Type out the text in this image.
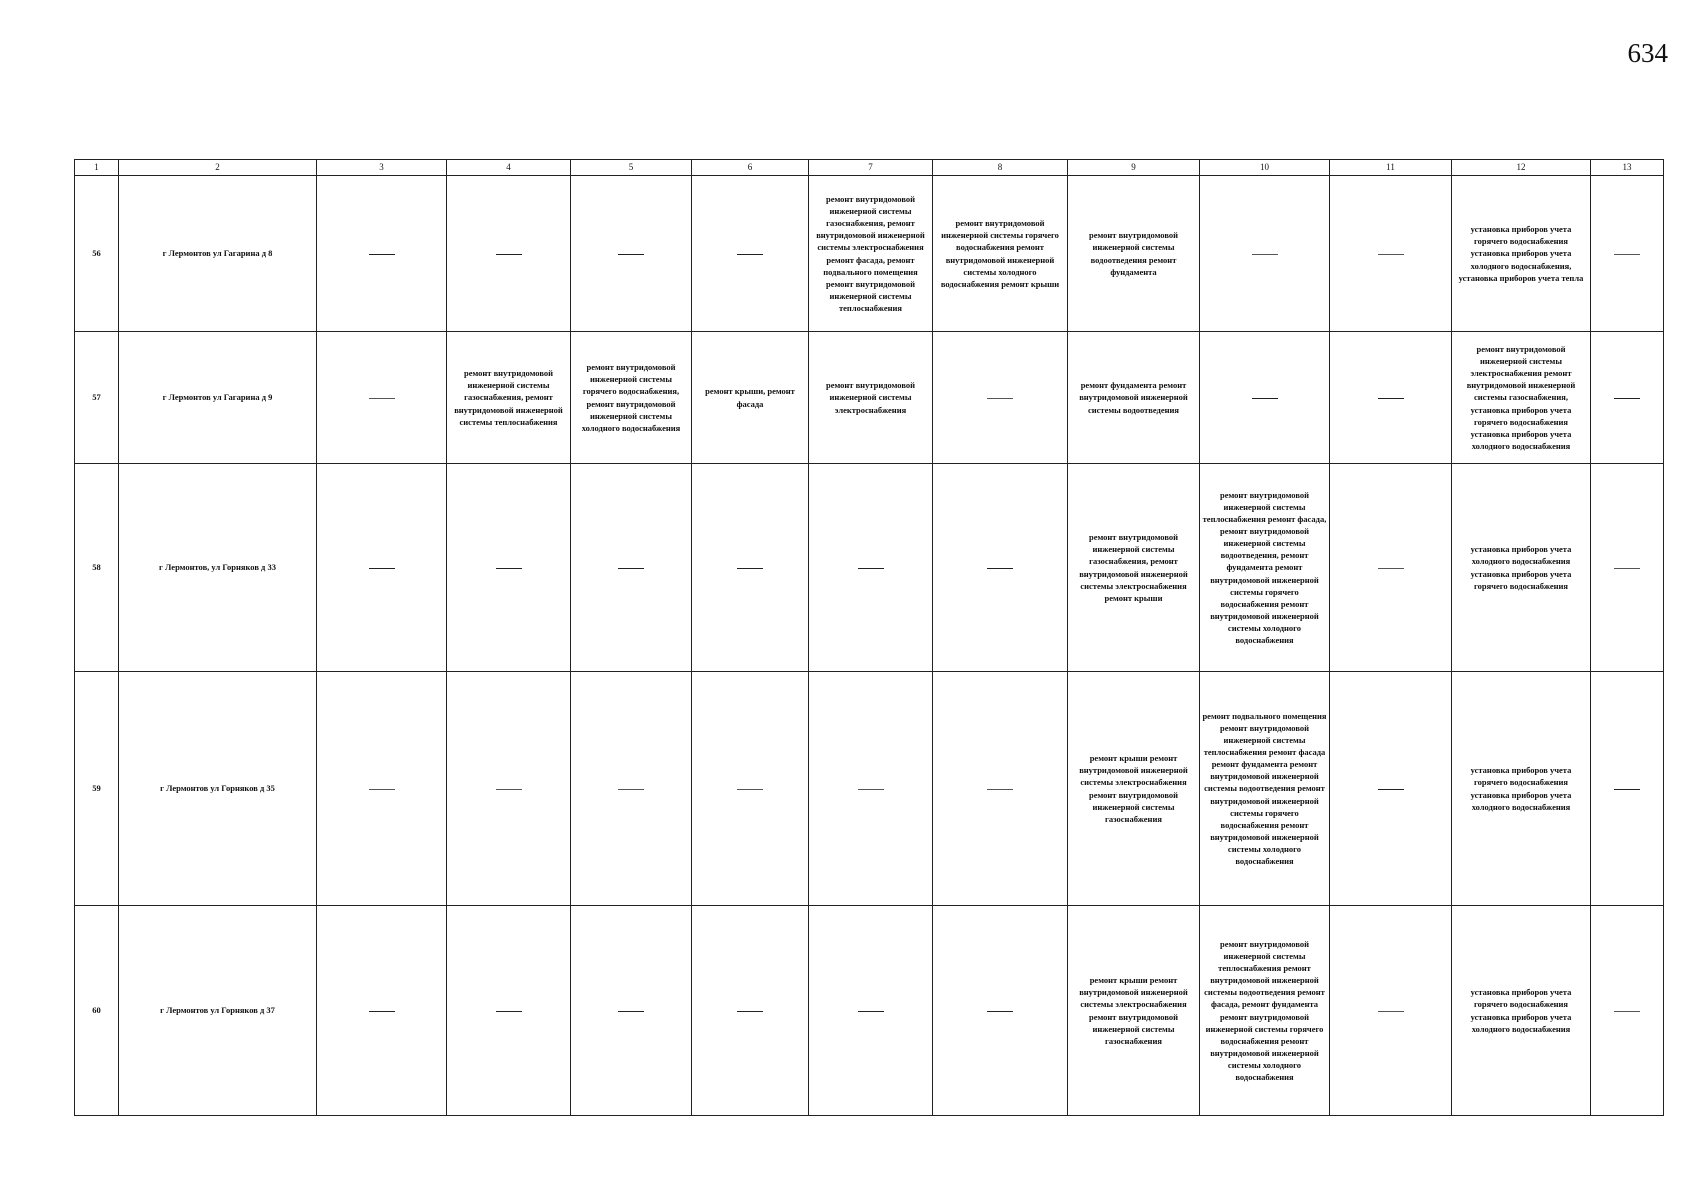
634
1	2	3	4	5	6	7	8	9	10	11	12	13
56	г Лермонтов ул Гагарина д 8					ремонт внутридомовой инженерной системы газоснабжения, ремонт внутридомовой инженерной системы электроснабжения ремонт фасада, ремонт подвального помещения ремонт внутридомовой инженерной системы теплоснабжения	ремонт внутридомовой инженерной системы горячего водоснабжения ремонт внутридомовой инженерной системы холодного водоснабжения ремонт крыши	ремонт внутридомовой инженерной системы водоотведения ремонт фундамента			установка приборов учета горячего водоснабжения установка приборов учета холодного водоснабжения, установка приборов учета тепла	

57	г Лермонтов ул Гагарина д 9		ремонт внутридомовой инженерной системы газоснабжения, ремонт внутридомовой инженерной системы теплоснабжения	ремонт внутридомовой инженерной системы горячего водоснабжения, ремонт внутридомовой инженерной системы холодного водоснабжения	ремонт крыши, ремонт фасада	ремонт внутридомовой инженерной системы электроснабжения		ремонт фундамента ремонт внутридомовой инженерной системы водоотведения			ремонт внутридомовой инженерной системы электроснабжения ремонт внутридомовой инженерной системы газоснабжения, установка приборов учета горячего водоснабжения установка приборов учета холодного водоснабжения	

58	г Лермонтов, ул Горняков д 33							ремонт внутридомовой инженерной системы газоснабжения, ремонт внутридомовой инженерной системы электроснабжения ремонт крыши	ремонт внутридомовой инженерной системы теплоснабжения ремонт фасада, ремонт внутридомовой инженерной системы водоотведения, ремонт фундамента ремонт внутридомовой инженерной системы горячего водоснабжения ремонт внутридомовой инженерной системы холодного водоснабжения		установка приборов учета холодного водоснабжения установка приборов учета горячего водоснабжения	

59	г Лермонтов ул Горняков д 35							ремонт крыши ремонт внутридомовой инженерной системы электроснабжения ремонт внутридомовой инженерной системы газоснабжения	ремонт подвального помещения ремонт внутридомовой инженерной системы теплоснабжения ремонт фасада ремонт фундамента ремонт внутридомовой инженерной системы водоотведения ремонт внутридомовой инженерной системы горячего водоснабжения ремонт внутридомовой инженерной системы холодного водоснабжения		установка приборов учета горячего водоснабжения установка приборов учета холодного водоснабжения	

60	г Лермонтов ул Горняков д 37							ремонт крыши ремонт внутридомовой инженерной системы электроснабжения ремонт внутридомовой инженерной системы газоснабжения	ремонт внутридомовой инженерной системы теплоснабжения ремонт внутридомовой инженерной системы водоотведения ремонт фасада, ремонт фундамента ремонт внутридомовой инженерной системы горячего водоснабжения ремонт внутридомовой инженерной системы холодного водоснабжения		установка приборов учета горячего водоснабжения установка приборов учета холодного водоснабжения	
